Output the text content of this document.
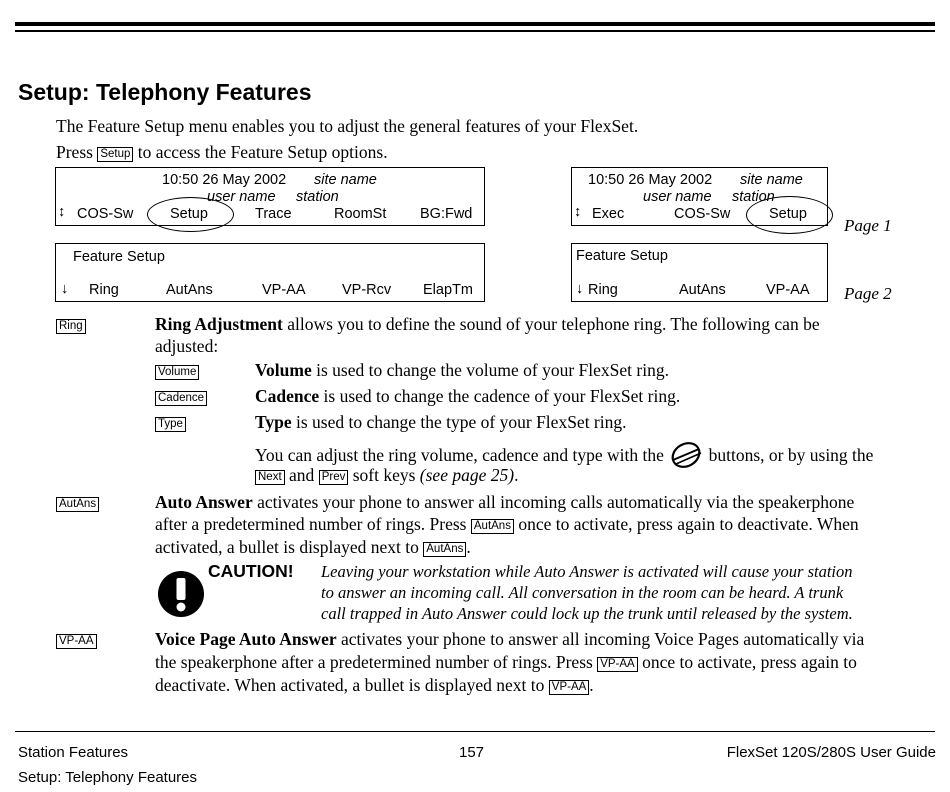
Setup: Telephony Features
The Feature Setup menu enables you to adjust the general features of your FlexSet.
Press Setup to access the Feature Setup options.
10:50 26 May 2002 site name
user name station
↕ COS-Sw	Setup	Trace	RoomSt BG:Fwd
10:50 26 May 2002 site name
user name station
↕ Exec	COS-Sw	Setup
Page 1
Feature Setup
↓ Ring	AutAns	VP-AA	VP-Rcv ElapTm
Feature Setup
↓ Ring	AutAns	VP-AA Page 2
Ring	Ring Adjustment allows you to define the sound of your telephone ring. The following can be
adjusted:
Volume	Volume is used to change the volume of your FlexSet ring.
Cadence	Cadence is used to change the cadence of your FlexSet ring.
Type	Type is used to change the type of your FlexSet ring.
You can adjust the ring volume, cadence and type with the	buttons, or by using the
Next and Prev soft keys (see page 25).
AutAns	Auto Answer activates your phone to answer all incoming calls automatically via the speakerphone
after a predetermined number of rings. Press AutAns once to activate, press again to deactivate. When
activated, a bullet is displayed next to AutAns .
CAUTION! Leaving your workstation while Auto Answer is activated will cause your station
to answer an incoming call. All conversation in the room can be heard. A trunk
call trapped in Auto Answer could lock up the trunk until released by the system.
VP-AA	Voice Page Auto Answer activates your phone to answer all incoming Voice Pages automatically via
the speakerphone after a predetermined number of rings. Press VP-AA once to activate, press again to
deactivate. When activated, a bullet is displayed next to VP-AA .
Station Features
Setup: Telephony Features
157	FlexSet 120S/280S User Guide
